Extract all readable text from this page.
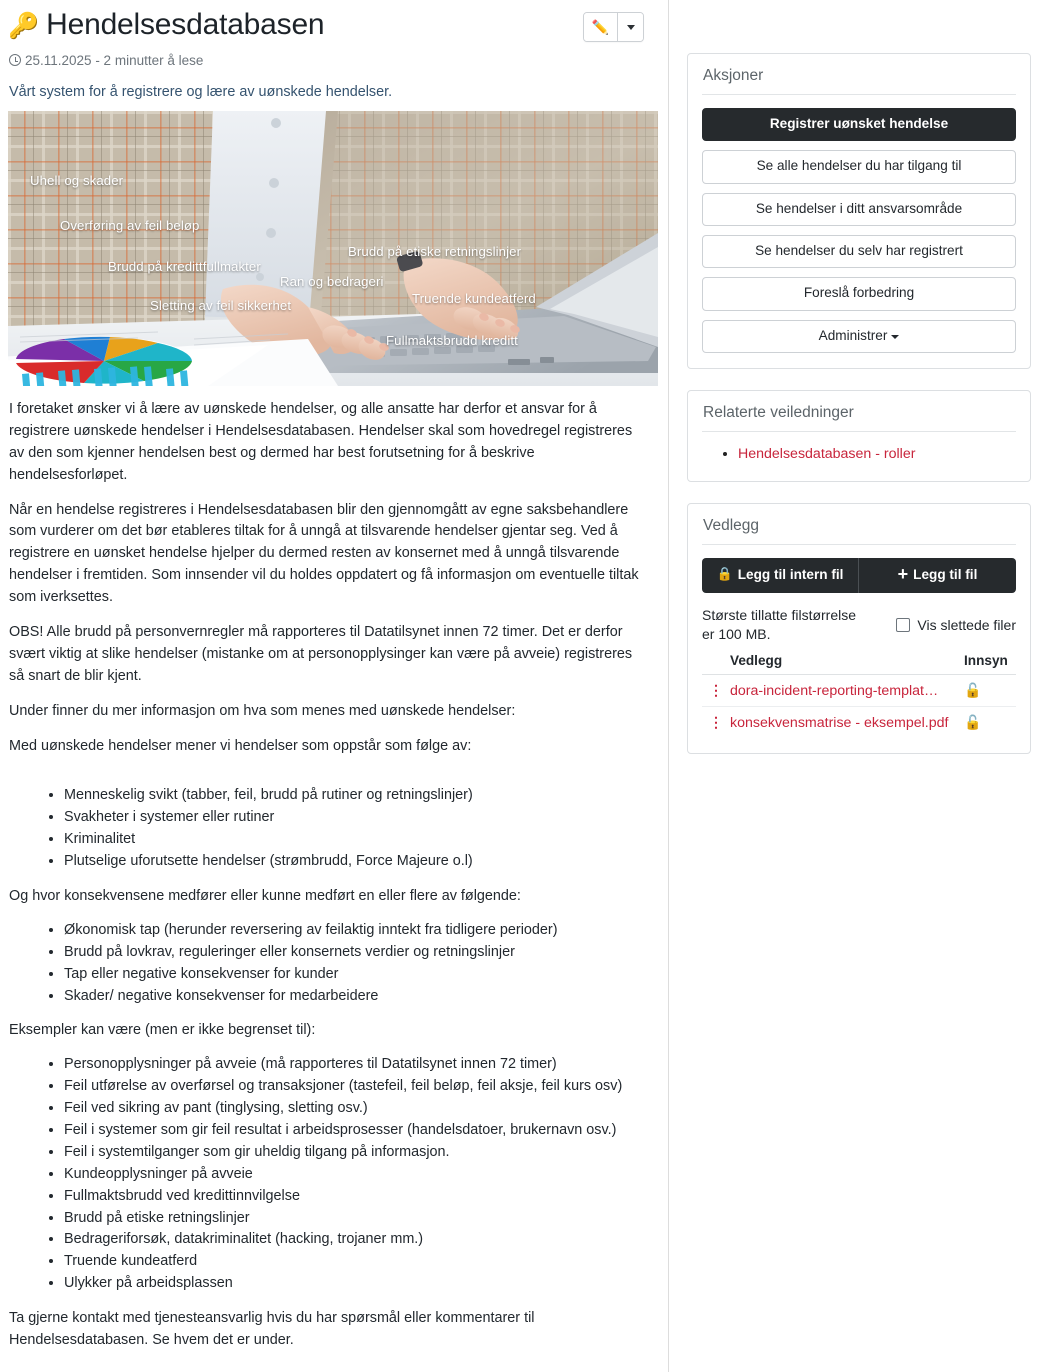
🔑 Hendelsesdatabasen	✏️
25.11.2025 - 2 minutter å lese

Vårt system for å registrere og lære av uønskede hendelser.

Uhell og skader
Overføring av feil beløp
Brudd på etiske retningslinjer
Brudd på kredittfullmakter
Ran og bedrageri
Truende kundeatferd
Sletting av feil sikkerhet
Fullmaktsbrudd kreditt

I foretaket ønsker vi å lære av uønskede hendelser, og alle ansatte har derfor et ansvar for å registrere uønskede hendelser i Hendelsesdatabasen. Hendelser skal som hovedregel registreres av den som kjenner hendelsen best og dermed har best forutsetning for å beskrive hendelsesforløpet.

Når en hendelse registreres i Hendelsesdatabasen blir den gjennomgått av egne saksbehandlere som vurderer om det bør etableres tiltak for å unngå at tilsvarende hendelser gjentar seg. Ved å registrere en uønsket hendelse hjelper du dermed resten av konsernet med å unngå tilsvarende hendelser i fremtiden. Som innsender vil du holdes oppdatert og få informasjon om eventuelle tiltak som iverksettes.

OBS! Alle brudd på personvernregler må rapporteres til Datatilsynet innen 72 timer. Det er derfor svært viktig at slike hendelser (mistanke om at personopplysinger kan være på avveie) registreres så snart de blir kjent.

Under finner du mer informasjon om hva som menes med uønskede hendelser:

Med uønskede hendelser mener vi hendelser som oppstår som følge av:

• Menneskelig svikt (tabber, feil, brudd på rutiner og retningslinjer)
• Svakheter i systemer eller rutiner
• Kriminalitet
• Plutselige uforutsette hendelser (strømbrudd, Force Majeure o.l)

Og hvor konsekvensene medfører eller kunne medført en eller flere av følgende:

• Økonomisk tap (herunder reversering av feilaktig inntekt fra tidligere perioder)
• Brudd på lovkrav, reguleringer eller konsernets verdier og retningslinjer
• Tap eller negative konsekvenser for kunder
• Skader/ negative konsekvenser for medarbeidere

Eksempler kan være (men er ikke begrenset til):

• Personopplysninger på avveie (må rapporteres til Datatilsynet innen 72 timer)
• Feil utførelse av overførsel og transaksjoner (tastefeil, feil beløp, feil aksje, feil kurs osv)
• Feil ved sikring av pant (tinglysing, sletting osv.)
• Feil i systemer som gir feil resultat i arbeidsprosesser (handelsdatoer, brukernavn osv.)
• Feil i systemtilganger som gir uheldig tilgang på informasjon.
• Kundeopplysninger på avveie
• Fullmaktsbrudd ved kredittinnvilgelse
• Brudd på etiske retningslinjer
• Bedrageriforsøk, datakriminalitet (hacking, trojaner mm.)
• Truende kundeatferd
• Ulykker på arbeidsplassen

Ta gjerne kontakt med tjenesteansvarlig hvis du har spørsmål eller kommentarer til Hendelsesdatabasen. Se hvem det er under.

Aksjoner
Registrer uønsket hendelse
Se alle hendelser du har tilgang til
Se hendelser i ditt ansvarsområde
Se hendelser du selv har registrert
Foreslå forbedring
Administrer
Relaterte veiledninger
• Hendelsesdatabasen - roller
Vedlegg
🔒 Legg til intern fil	+ Legg til fil
Største tillatte filstørrelse er 100 MB.
Vis slettede filer
	Vedlegg	Innsyn
⋮	dora-incident-reporting-templat…	🔓
⋮	konsekvensmatrise - eksempel.pdf	🔓
